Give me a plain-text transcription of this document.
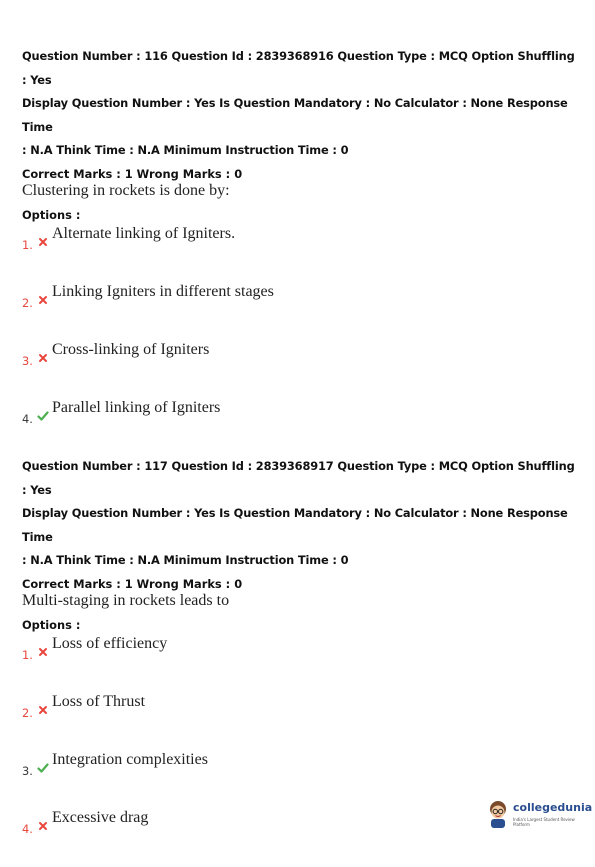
Question Number : 116 Question Id : 2839368916 Question Type : MCQ Option Shuffling : Yes
Display Question Number : Yes Is Question Mandatory : No Calculator : None Response Time
: N.A Think Time : N.A Minimum Instruction Time : 0
Correct Marks : 1 Wrong Marks : 0
Clustering in rockets is done by:
Options :
1.
Alternate linking of Igniters.
2.
Linking Igniters in different stages
3.
Cross-linking of Igniters
4.
Parallel linking of Igniters
Question Number : 117 Question Id : 2839368917 Question Type : MCQ Option Shuffling : Yes
Display Question Number : Yes Is Question Mandatory : No Calculator : None Response Time
: N.A Think Time : N.A Minimum Instruction Time : 0
Correct Marks : 1 Wrong Marks : 0
Multi-staging in rockets leads to
Options :
1.
Loss of efficiency
2.
Loss of Thrust
3.
Integration complexities
4.
Excessive drag
collegedunia
India's Largest Student Review Platform
